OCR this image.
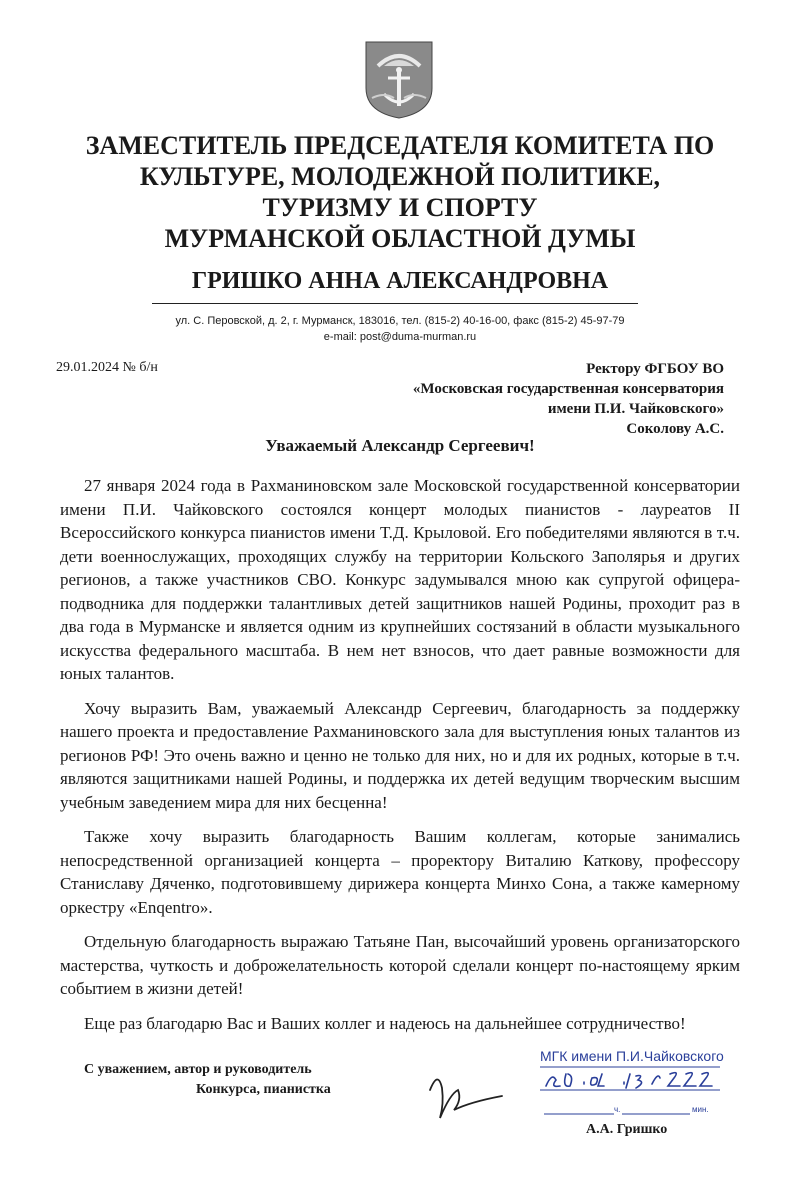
ЗАМЕСТИТЕЛЬ ПРЕДСЕДАТЕЛЯ КОМИТЕТА ПО
КУЛЬТУРЕ, МОЛОДЕЖНОЙ ПОЛИТИКЕ,
ТУРИЗМУ И СПОРТУ
МУРМАНСКОЙ ОБЛАСТНОЙ ДУМЫ
ГРИШКО АННА АЛЕКСАНДРОВНА
ул. С. Перовской, д. 2, г. Мурманск, 183016, тел. (815-2) 40-16-00, факс (815-2) 45-97-79
e-mail: post@duma-murman.ru
29.01.2024 № б/н	Ректору ФГБОУ ВО
«Московская государственная консерватория
имени П.И. Чайковского»
Соколову А.С.
Уважаемый Александр Сергеевич!

27 января 2024 года в Рахманиновском зале Московской государственной консерватории имени П.И. Чайковского состоялся концерт молодых пианистов - лауреатов II Всероссийского конкурса пианистов имени Т.Д. Крыловой. Его победителями являются в т.ч. дети военнослужащих, проходящих службу на территории Кольского Заполярья и других регионов, а также участников СВО. Конкурс задумывался мною как супругой офицера-подводника для поддержки талантливых детей защитников нашей Родины, проходит раз в два года в Мурманске и является одним из крупнейших состязаний в области музыкального искусства федерального масштаба. В нем нет взносов, что дает равные возможности для юных талантов.

Хочу выразить Вам, уважаемый Александр Сергеевич, благодарность за поддержку нашего проекта и предоставление Рахманиновского зала для выступления юных талантов из регионов РФ! Это очень важно и ценно не только для них, но и для их родных, которые в т.ч. являются защитниками нашей Родины, и поддержка их детей ведущим творческим высшим учебным заведением мира для них бесценна!

Также хочу выразить благодарность Вашим коллегам, которые занимались непосредственной организацией концерта – проректору Виталию Каткову, профессору Станиславу Дяченко, подготовившему дирижера концерта Минхо Сона, а также камерному оркестру «Enqentro».

Отдельную благодарность выражаю Татьяне Пан, высочайший уровень организаторского мастерства, чуткость и доброжелательность которой сделали концерт по-настоящему ярким событием в жизни детей!

Еще раз благодарю Вас и Ваших коллег и надеюсь на дальнейшее сотрудничество!

С уважением, автор и руководитель
Конкурса, пианистка
МГК имени П.И.Чайковского
ч.	мин.
А.А. Гришко
